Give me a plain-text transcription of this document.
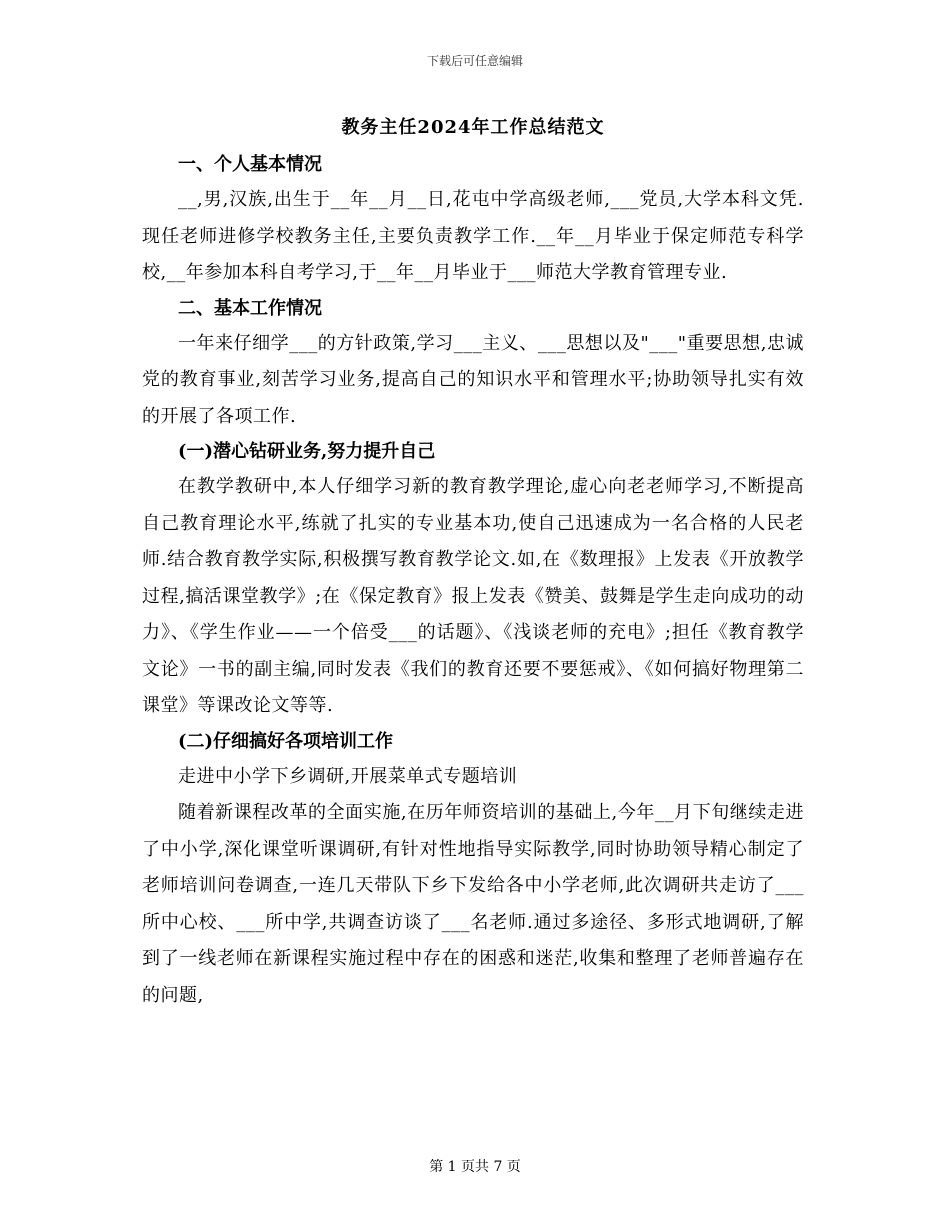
下载后可任意编辑
教务主任2024年工作总结范文
一、个人基本情况

__,男,汉族,出生于__年__月__日,花屯中学高级老师,___党员,大学本科文凭.现任老师进修学校教务主任,主要负责教学工作.__年__月毕业于保定师范专科学校,__年参加本科自考学习,于__年__月毕业于___师范大学教育管理专业.

二、基本工作情况

一年来仔细学___的方针政策,学习___主义、___思想以及"___"重要思想,忠诚党的教育事业,刻苦学习业务,提高自己的知识水平和管理水平;协助领导扎实有效的开展了各项工作.

(一)潜心钻研业务,努力提升自己

在教学教研中,本人仔细学习新的教育教学理论,虚心向老老师学习,不断提高自己教育理论水平,练就了扎实的专业基本功,使自己迅速成为一名合格的人民老师.结合教育教学实际,积极撰写教育教学论文.如,在《数理报》上发表《开放教学过程,搞活课堂教学》;在《保定教育》报上发表《赞美、鼓舞是学生走向成功的动力》、《学生作业——一个倍受___的话题》、《浅谈老师的充电》;担任《教育教学文论》一书的副主编,同时发表《我们的教育还要不要惩戒》、《如何搞好物理第二课堂》等课改论文等等.

(二)仔细搞好各项培训工作

走进中小学下乡调研,开展菜单式专题培训

随着新课程改革的全面实施,在历年师资培训的基础上,今年__月下旬继续走进了中小学,深化课堂听课调研,有针对性地指导实际教学,同时协助领导精心制定了老师培训问卷调查,一连几天带队下乡下发给各中小学老师,此次调研共走访了___所中心校、___所中学,共调查访谈了___名老师.通过多途径、多形式地调研,了解到了一线老师在新课程实施过程中存在的困惑和迷茫,收集和整理了老师普遍存在的问题,

第 1 页共 7 页
